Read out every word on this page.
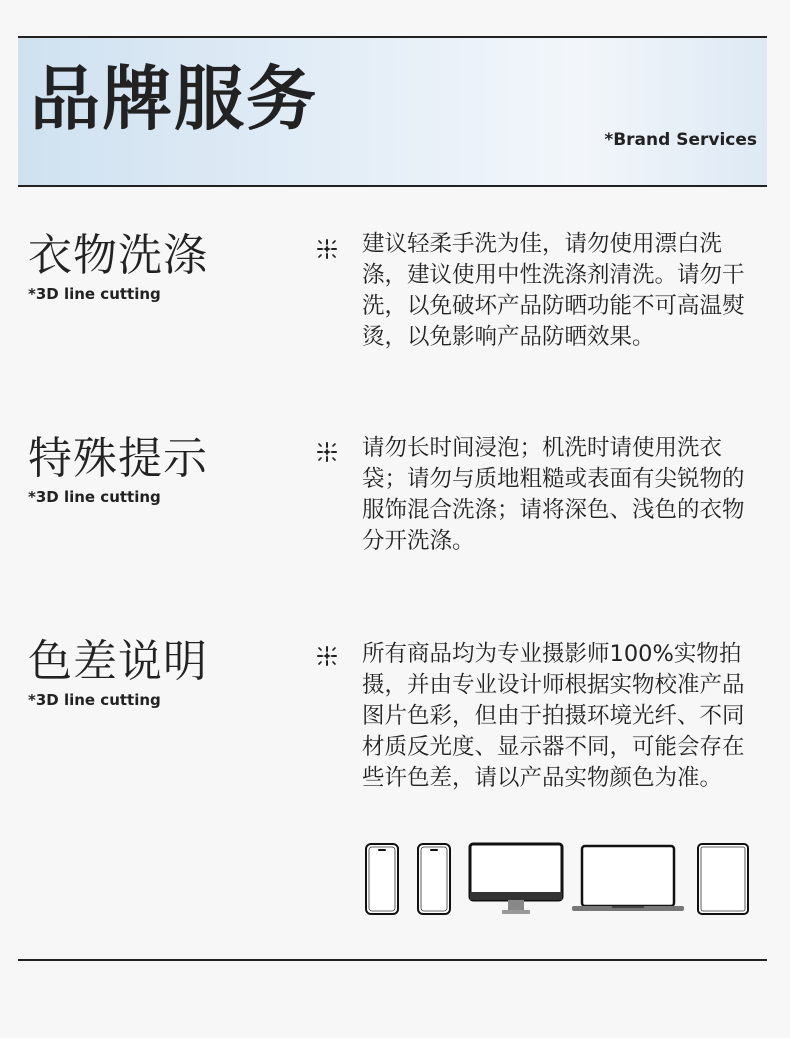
品牌服务	*Brand Services
衣物洗涤
*3D line cutting
建议轻柔手洗为佳，请勿使用漂白洗涤，建议使用中性洗涤剂清洗。请勿干洗，以免破坏产品防晒功能不可高温熨烫，以免影响产品防晒效果。
特殊提示
*3D line cutting
请勿长时间浸泡；机洗时请使用洗衣袋；请勿与质地粗糙或表面有尖锐物的服饰混合洗涤；请将深色、浅色的衣物分开洗涤。
色差说明
*3D line cutting
所有商品均为专业摄影师100%实物拍摄，并由专业设计师根据实物校准产品图片色彩，但由于拍摄环境光纤、不同材质反光度、显示器不同，可能会存在些许色差，请以产品实物颜色为准。
